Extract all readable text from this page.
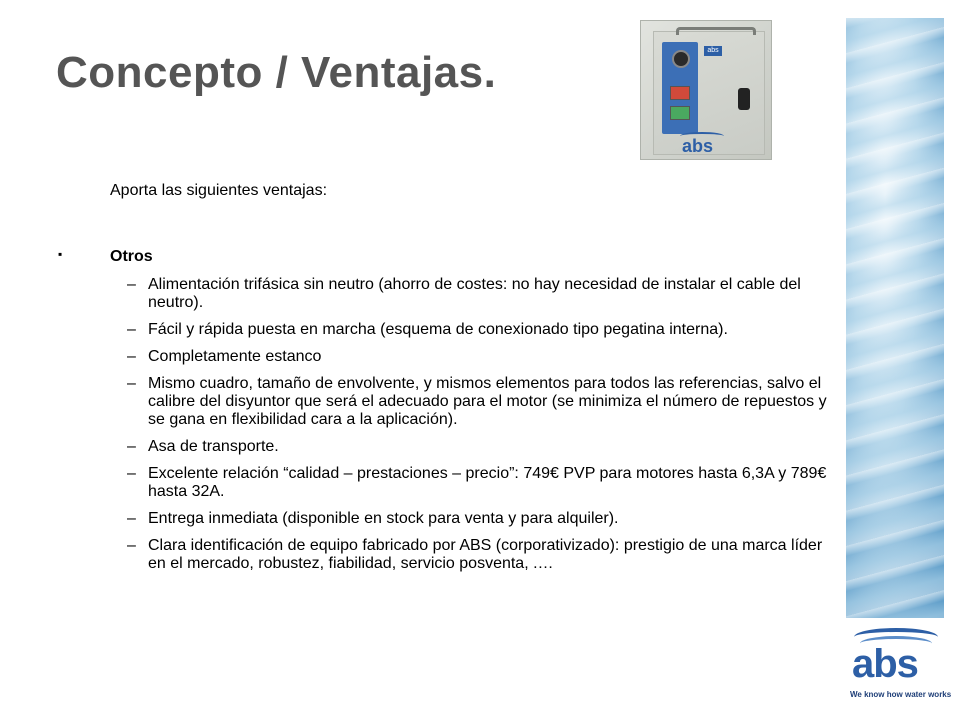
Concepto / Ventajas.	abs
abs
abs
We know how water works
Aporta las siguientes ventajas:
▪	Otros
– Alimentación trifásica sin neutro (ahorro de costes: no hay necesidad de instalar el cable del neutro).
– Fácil y rápida puesta en marcha (esquema de conexionado tipo pegatina interna).
– Completamente estanco
– Mismo cuadro, tamaño de envolvente, y mismos elementos para todos las referencias, salvo el calibre del disyuntor que será el adecuado para el motor (se minimiza el número de repuestos y se gana en flexibilidad cara a la aplicación).
– Asa de transporte.
– Excelente relación “calidad – prestaciones – precio”: 749€ PVP para motores hasta 6,3A y 789€ hasta 32A.
– Entrega inmediata (disponible en stock para venta y para alquiler).
– Clara identificación de equipo fabricado por ABS (corporativizado): prestigio de una marca líder en el mercado, robustez, fiabilidad, servicio posventa, .…
